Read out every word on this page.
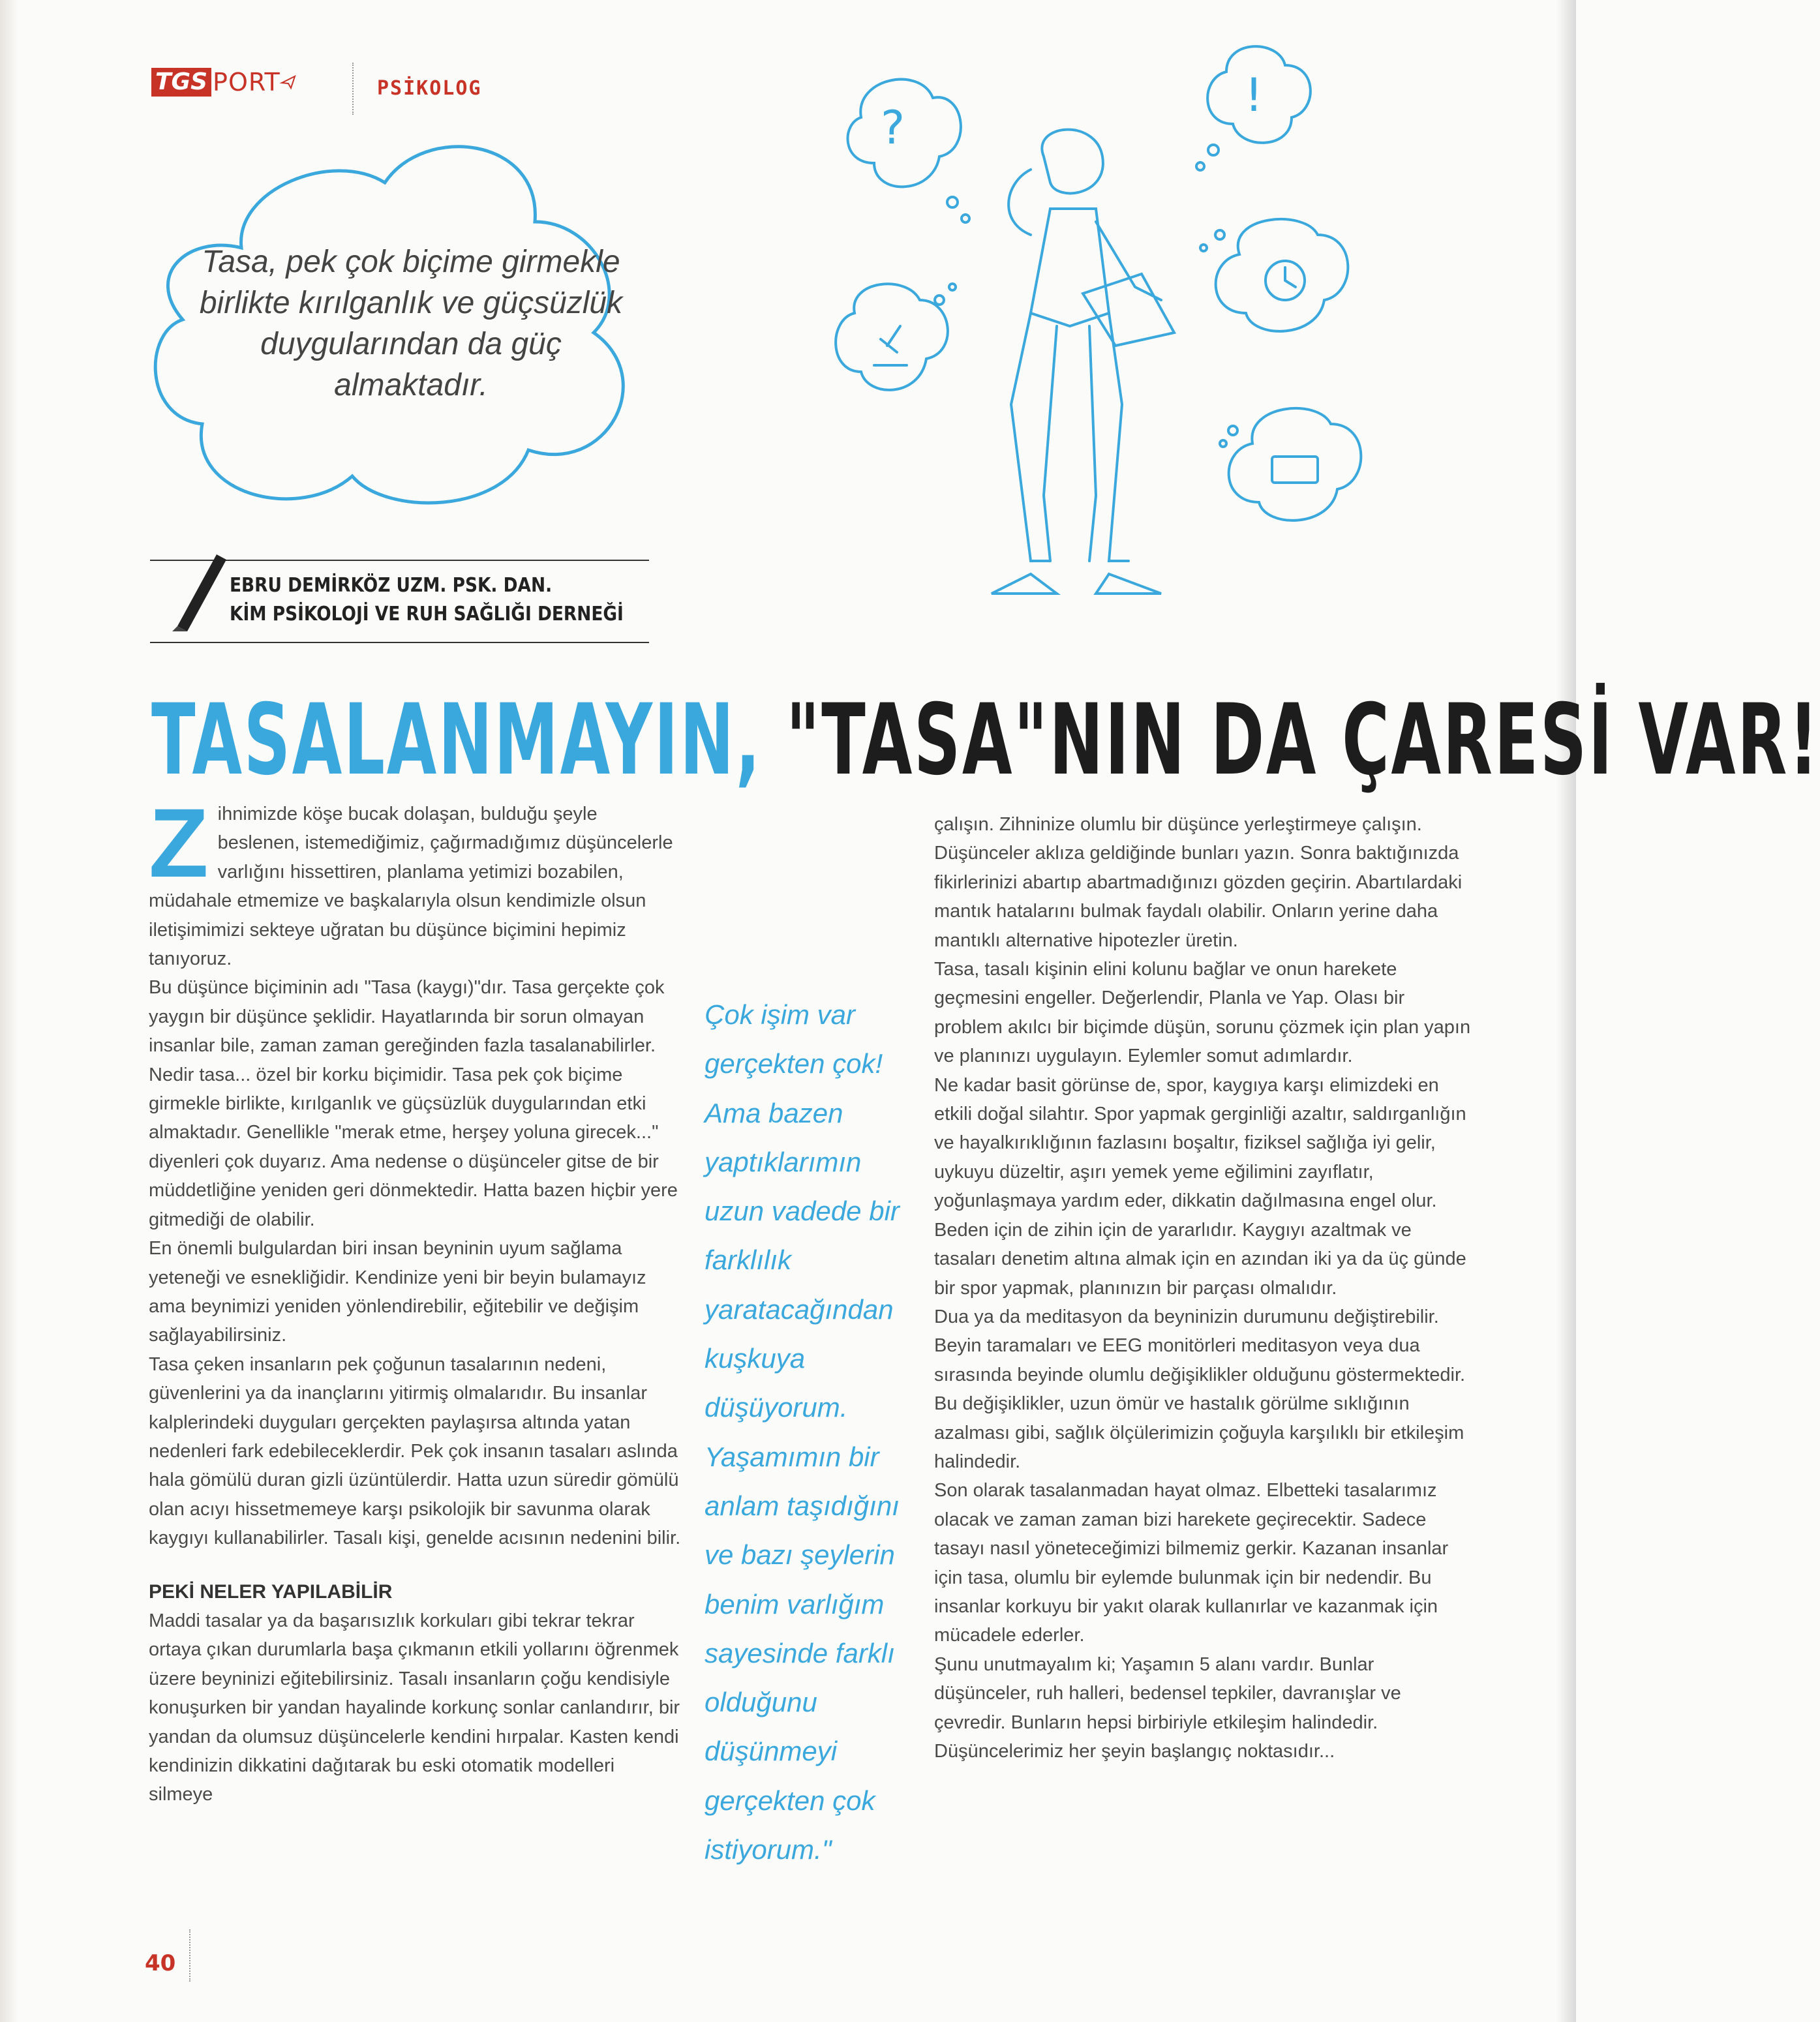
TGS PORT	PSİKOLOG
Tasa, pek çok biçime girmekle birlikte kırılganlık ve güçsüzlük duygularından da güç almaktadır.
?
!
EBRU DEMİRKÖZ UZM. PSK. DAN.
KİM PSİKOLOJİ VE RUH SAĞLIĞI DERNEĞİ
TASALANMAYIN, "TASA"NIN DA ÇARESİ VAR!

Zihnimizde köşe bucak dolaşan, bulduğu şeyle beslenen, istemediğimiz, çağırmadığımız düşüncelerle varlığını hissettiren, planlama yetimizi bozabilen, müdahale etmemize ve başkalarıyla olsun kendimizle olsun iletişimimizi sekteye uğratan bu düşünce biçimini hepimiz tanıyoruz.

Bu düşünce biçiminin adı "Tasa (kaygı)"dır. Tasa gerçekte çok yaygın bir düşünce şeklidir. Hayatlarında bir sorun olmayan insanlar bile, zaman zaman gereğinden fazla tasalanabilirler. Nedir tasa... özel bir korku biçimidir. Tasa pek çok biçime girmekle birlikte, kırılganlık ve güçsüzlük duygularından etki almaktadır. Genellikle "merak etme, herşey yoluna girecek..." diyenleri çok duyarız. Ama nedense o düşünceler gitse de bir müddetliğine yeniden geri dönmektedir. Hatta bazen hiçbir yere gitmediği de olabilir.

En önemli bulgulardan biri insan beyninin uyum sağlama yeteneği ve esnekliğidir. Kendinize yeni bir beyin bulamayız ama beynimizi yeniden yönlendirebilir, eğitebilir ve değişim sağlayabilirsiniz.

Tasa çeken insanların pek çoğunun tasalarının nedeni, güvenlerini ya da inançlarını yitirmiş olmalarıdır. Bu insanlar kalplerindeki duyguları gerçekten paylaşırsa altında yatan nedenleri fark edebileceklerdir. Pek çok insanın tasaları aslında hala gömülü duran gizli üzüntülerdir. Hatta uzun süredir gömülü olan acıyı hissetmemeye karşı psikolojik bir savunma olarak kaygıyı kullanabilirler. Tasalı kişi, genelde acısının nedenini bilir.

PEKİ NELER YAPILABİLİR

Maddi tasalar ya da başarısızlık korkuları gibi tekrar tekrar ortaya çıkan durumlarla başa çıkmanın etkili yollarını öğrenmek üzere beyninizi eğitebilirsiniz. Tasalı insanların çoğu kendisiyle konuşurken bir yandan hayalinde korkunç sonlar canlandırır, bir yandan da olumsuz düşüncelerle kendini hırpalar. Kasten kendi kendinizin dikkatini dağıtarak bu eski otomatik modelleri silmeye

Çok işim var gerçekten çok! Ama bazen yaptıklarımın uzun vadede bir farklılık yaratacağından kuşkuya düşüyorum. Yaşamımın bir anlam taşıdığını ve bazı şeylerin benim varlığım sayesinde farklı olduğunu düşünmeyi gerçekten çok istiyorum."

çalışın. Zihninize olumlu bir düşünce yerleştirmeye çalışın. Düşünceler aklıza geldiğinde bunları yazın. Sonra baktığınızda fikirlerinizi abartıp abartmadığınızı gözden geçirin. Abartılardaki mantık hatalarını bulmak faydalı olabilir. Onların yerine daha mantıklı alternative hipotezler üretin.

Tasa, tasalı kişinin elini kolunu bağlar ve onun harekete geçmesini engeller. Değerlendir, Planla ve Yap. Olası bir problem akılcı bir biçimde düşün, sorunu çözmek için plan yapın ve planınızı uygulayın. Eylemler somut adımlardır.

Ne kadar basit görünse de, spor, kaygıya karşı elimizdeki en etkili doğal silahtır. Spor yapmak gerginliği azaltır, saldırganlığın ve hayalkırıklığının fazlasını boşaltır, fiziksel sağlığa iyi gelir, uykuyu düzeltir, aşırı yemek yeme eğilimini zayıflatır, yoğunlaşmaya yardım eder, dikkatin dağılmasına engel olur. Beden için de zihin için de yararlıdır. Kaygıyı azaltmak ve tasaları denetim altına almak için en azından iki ya da üç günde bir spor yapmak, planınızın bir parçası olmalıdır.

Dua ya da meditasyon da beyninizin durumunu değiştirebilir. Beyin taramaları ve EEG monitörleri meditasyon veya dua sırasında beyinde olumlu değişiklikler olduğunu göstermektedir. Bu değişiklikler, uzun ömür ve hastalık görülme sıklığının azalması gibi, sağlık ölçülerimizin çoğuyla karşılıklı bir etkileşim halindedir.

Son olarak tasalanmadan hayat olmaz. Elbetteki tasalarımız olacak ve zaman zaman bizi harekete geçirecektir. Sadece tasayı nasıl yöneteceğimizi bilmemiz gerkir. Kazanan insanlar için tasa, olumlu bir eylemde bulunmak için bir nedendir. Bu insanlar korkuyu bir yakıt olarak kullanırlar ve kazanmak için mücadele ederler.

Şunu unutmayalım ki; Yaşamın 5 alanı vardır. Bunlar düşünceler, ruh halleri, bedensel tepkiler, davranışlar ve çevredir. Bunların hepsi birbiriyle etkileşim halindedir. Düşüncelerimiz her şeyin başlangıç noktasıdır...

40
